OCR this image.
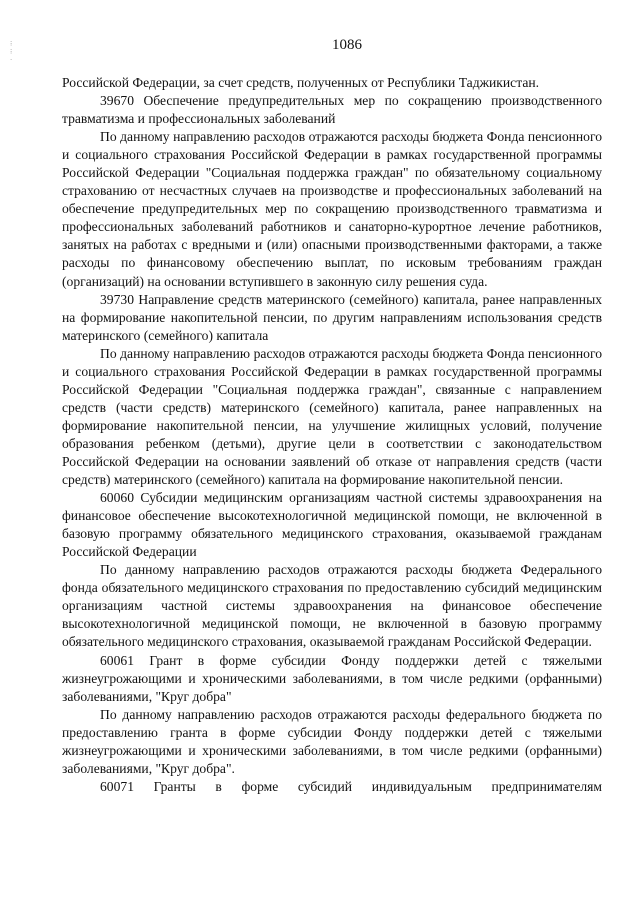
⁝
⁝
·
1086

Российской Федерации, за счет средств, полученных от Республики Таджикистан.

39670 Обеспечение предупредительных мер по сокращению производственного травматизма и профессиональных заболеваний

По данному направлению расходов отражаются расходы бюджета Фонда пенсионного и социального страхования Российской Федерации в рамках государственной программы Российской Федерации "Социальная поддержка граждан" по обязательному социальному страхованию от несчастных случаев на производстве и профессиональных заболеваний на обеспечение предупредительных мер по сокращению производственного травматизма и профессиональных заболеваний работников и санаторно-курортное лечение работников, занятых на работах с вредными и (или) опасными производственными факторами, а также расходы по финансовому обеспечению выплат, по исковым требованиям граждан (организаций) на основании вступившего в законную силу решения суда.

39730 Направление средств материнского (семейного) капитала, ранее направленных на формирование накопительной пенсии, по другим направлениям использования средств материнского (семейного) капитала

По данному направлению расходов отражаются расходы бюджета Фонда пенсионного и социального страхования Российской Федерации в рамках государственной программы Российской Федерации "Социальная поддержка граждан", связанные с направлением средств (части средств) материнского (семейного) капитала, ранее направленных на формирование накопительной пенсии, на улучшение жилищных условий, получение образования ребенком (детьми), другие цели в соответствии с законодательством Российской Федерации на основании заявлений об отказе от направления средств (части средств) материнского (семейного) капитала на формирование накопительной пенсии.

60060 Субсидии медицинским организациям частной системы здравоохранения на финансовое обеспечение высокотехнологичной медицинской помощи, не включенной в базовую программу обязательного медицинского страхования, оказываемой гражданам Российской Федерации

По данному направлению расходов отражаются расходы бюджета Федерального фонда обязательного медицинского страхования по предоставлению субсидий медицинским организациям частной системы здравоохранения на финансовое обеспечение высокотехнологичной медицинской помощи, не включенной в базовую программу обязательного медицинского страхования, оказываемой гражданам Российской Федерации.

60061 Грант в форме субсидии Фонду поддержки детей с тяжелыми жизнеугрожающими и хроническими заболеваниями, в том числе редкими (орфанными) заболеваниями, "Круг добра"

По данному направлению расходов отражаются расходы федерального бюджета по предоставлению гранта в форме субсидии Фонду поддержки детей с тяжелыми жизнеугрожающими и хроническими заболеваниями, в том числе редкими (орфанными) заболеваниями, "Круг добра".

60071 Гранты в форме субсидий индивидуальным предпринимателям
